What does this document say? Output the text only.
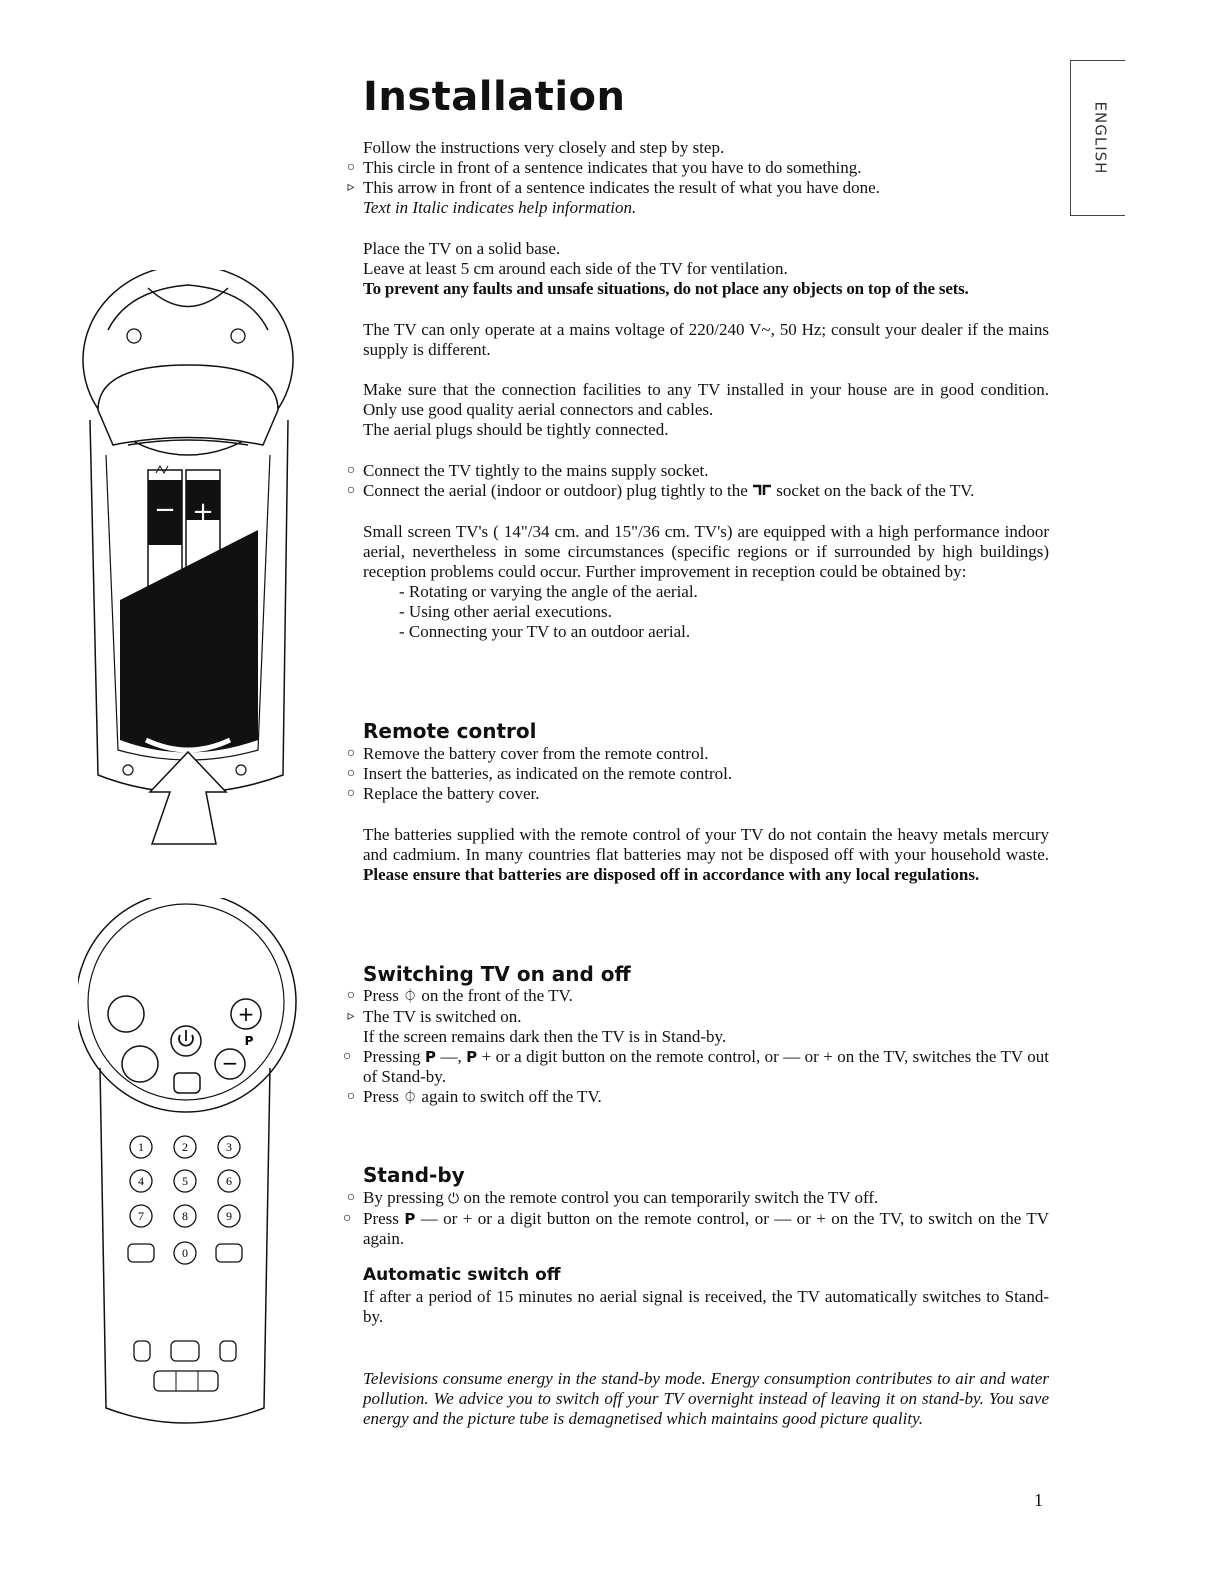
ENGLISH
Installation

Follow the instructions very closely and step by step.

○ This circle in front of a sentence indicates that you have to do something.

▹ This arrow in front of a sentence indicates the result of what you have done.

Text in Italic indicates help information.

Place the TV on a solid base.

Leave at least 5 cm around each side of the TV for ventilation.

To prevent any faults and unsafe situations, do not place any objects on top of the sets.

The TV can only operate at a mains voltage of 220/240 V~, 50 Hz; consult your dealer if the mains supply is different.

Make sure that the connection facilities to any TV installed in your house are in good condition. Only use good quality aerial connectors and cables.

The aerial plugs should be tightly connected.

○ Connect the TV tightly to the mains supply socket.

○ Connect the aerial (indoor or outdoor) plug tightly to the socket on the back of the TV.

Small screen TV's ( 14"/34 cm. and 15"/36 cm. TV's) are equipped with a high performance indoor aerial, nevertheless in some circumstances (specific regions or if surrounded by high buildings) reception problems could occur. Further improvement in reception could be obtained by:

- Rotating or varying the angle of the aerial.

- Using other aerial executions.

- Connecting your TV to an outdoor aerial.

Remote control

○ Remove the battery cover from the remote control.

○ Insert the batteries, as indicated on the remote control.

○ Replace the battery cover.

The batteries supplied with the remote control of your TV do not contain the heavy metals mercury and cadmium. In many countries flat batteries may not be disposed off with your household waste. Please ensure that batteries are disposed off in accordance with any local regulations.

Switching TV on and off

○ Press ⏀ on the front of the TV.

▹ The TV is switched on.

If the screen remains dark then the TV is in Stand-by.

○ Pressing P —, P + or a digit button on the remote control, or — or + on the TV, switches the TV out of Stand-by.

○ Press ⏀ again to switch off the TV.

Stand-by

○ By pressing ⏻ on the remote control you can temporarily switch the TV off.

○ Press P — or + or a digit button on the remote control, or — or + on the TV, to switch on the TV again.

Automatic switch off

If after a period of 15 minutes no aerial signal is received, the TV automatically switches to Stand-by.

Televisions consume energy in the stand-by mode. Energy consumption contributes to air and water pollution. We advice you to switch off your TV overnight instead of leaving it on stand-by. You save energy and the picture tube is demagnetised which maintains good picture quality.

1
− +
+
P
−
1	2	3
4	5	6
7	8	9
0
